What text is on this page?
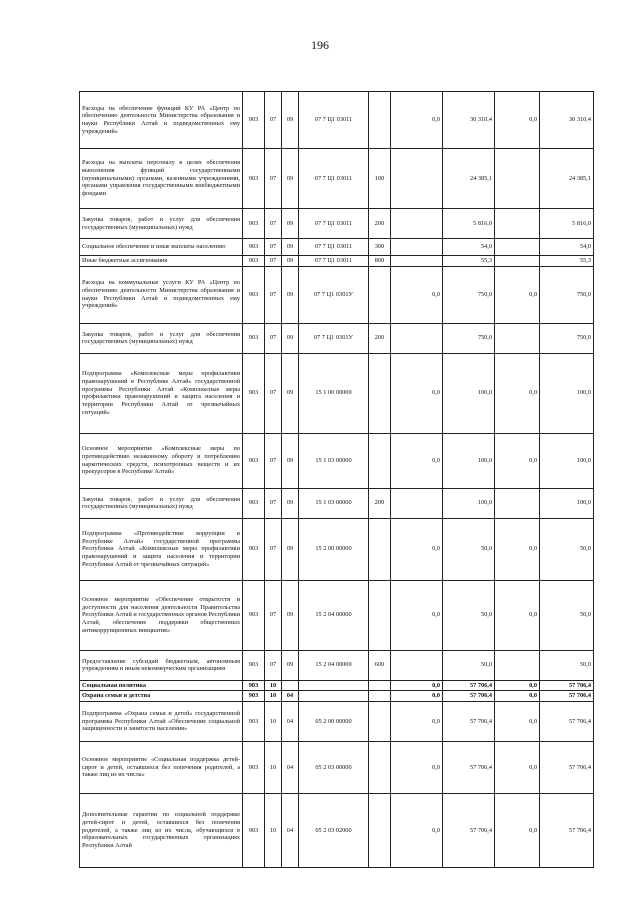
196
Расходы на обеспечение функций КУ РА «Центр по обеспечению деятельности Министерства образования и науки Республики Алтай и подведомственных ему учреждений»	903	07	09	07 7 Ц1 03011		0,0	30 310,4	0,0	30 310,4
Расходы на выплаты персоналу в целях обеспечения выполнения функций государственными (муниципальными) органами, казенными учреждениями, органами управления государственными внебюджетными фондами	903	07	09	07 7 Ц1 03011	100		24 385,1		24 385,1
Закупка товаров, работ и услуг для обеспечения государственных (муниципальных) нужд	903	07	09	07 7 Ц1 03011	200		5 816,0		5 816,0
Социальное обеспечение и иные выплаты населению	903	07	09	07 7 Ц1 03011	300		54,0		54,0
Иные бюджетные ассигнования	903	07	09	07 7 Ц1 03011	800		55,3		55,3
Расходы на коммунальные услуги КУ РА «Центр по обеспечению деятельности Министерства образования и науки Республики Алтай и подведомственных ему учреждений»	903	07	09	07 7 Ц1 0301У		0,0	750,0	0,0	750,0
Закупка товаров, работ и услуг для обеспечения государственных (муниципальных) нужд	903	07	09	07 7 Ц1 0301У	200		750,0		750,0
Подпрограмма «Комплексные меры профилактики правонарушений в Республике Алтай» государственной программы Республики Алтай «Комплексные меры профилактики правонарушений и защита населения и территории Республики Алтай от чрезвычайных ситуаций»	903	07	09	15 1 00 00000		0,0	100,0	0,0	100,0
Основное мероприятие «Комплексные меры по противодействию незаконному обороту и потреблению наркотических средств, психотропных веществ и их прекурсоров в Республике Алтай»	903	07	09	15 1 03 00000		0,0	100,0	0,0	100,0
Закупка товаров, работ и услуг для обеспечения государственных (муниципальных) нужд	903	07	09	15 1 03 00000	200		100,0		100,0
Подпрограмма «Противодействие коррупции в Республике Алтай» государственной программы Республики Алтай «Комплексные меры профилактики правонарушений и защита населения и территории Республики Алтай от чрезвычайных ситуаций»	903	07	09	15 2 00 00000		0,0	50,0	0,0	50,0
Основное мероприятие «Обеспечение открытости и доступности для населения деятельности Правительства Республики Алтай и государственных органов Республики Алтай, обеспечение поддержки общественных антикоррупционных инициатив»	903	07	09	15 2 04 00000		0,0	50,0	0,0	50,0
Предоставление субсидий бюджетным, автономным учреждениям и иным некоммерческим организациям	903	07	09	15 2 04 00000	600		50,0		50,0
Социальная политика	903	10				0,0	57 706,4	0,0	57 706,4
Охрана семьи и детства	903	10	04			0,0	57 706,4	0,0	57 706,4
Подпрограмма «Охрана семьи и детей» государственной программы Республики Алтай «Обеспечение социальной защищенности и занятости населения»	903	10	04	05 2 00 00000		0,0	57 706,4	0,0	57 706,4
Основное мероприятие «Социальная поддержка детей-сирот и детей, оставшихся без попечения родителей, а также лиц из их числа»	903	10	04	05 2 03 00000		0,0	57 706,4	0,0	57 706,4
Дополнительные гарантии по социальной поддержке детей-сирот и детей, оставшихся без попечения родителей, а также лиц из их числа, обучающихся в образовательных государственных организациях Республики Алтай	903	10	04	05 2 03 02000		0,0	57 706,4	0,0	57 706,4
